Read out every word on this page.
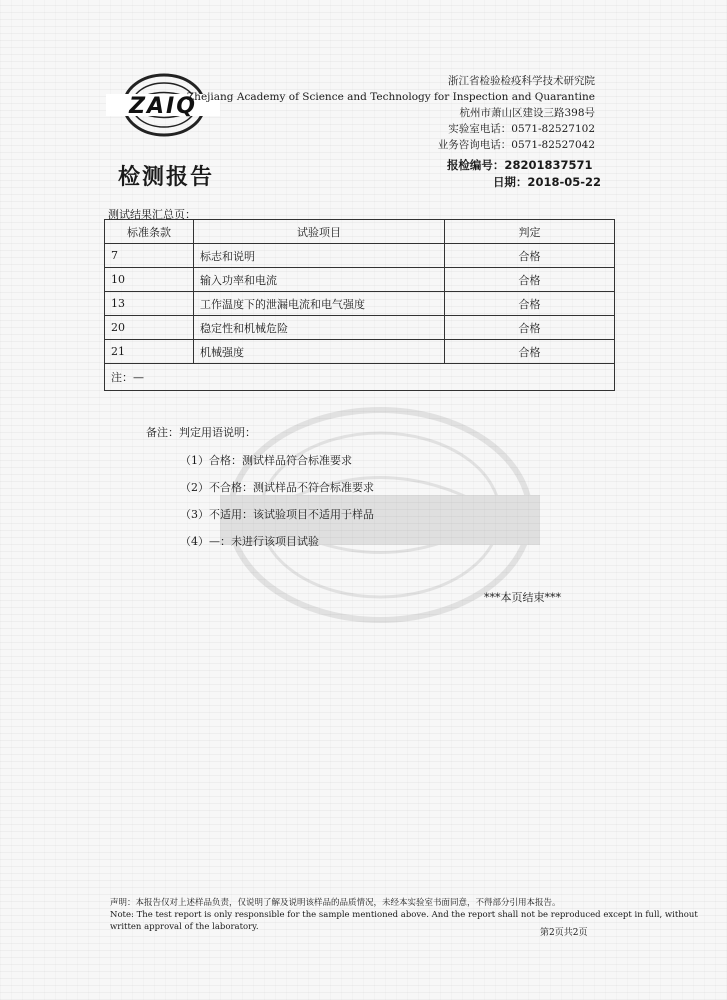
ZAIQ
浙江省检验检疫科学技术研究院
Zhejiang Academy of Science and Technology for Inspection and Quarantine
杭州市萧山区建设三路398号
实验室电话：0571-82527102
业务咨询电话：0571-82527042
检测报告	报检编号：28201837571
日期：2018-05-22
测试结果汇总页：
标准条款	试验项目	判定
7	标志和说明	合格
10	输入功率和电流	合格
13	工作温度下的泄漏电流和电气强度	合格
20	稳定性和机械危险	合格
21	机械强度	合格
注：—		
备注：判定用语说明：
（1）合格：测试样品符合标准要求
（2）不合格：测试样品不符合标准要求
（3）不适用：该试验项目不适用于样品
（4）—：未进行该项目试验
***本页结束***
声明：本报告仅对上述样品负责，仅说明了解及说明该样品的品质情况，未经本实验室书面同意，不得部分引用本报告。
Note: The test report is only responsible for the sample mentioned above. And the report shall not be reproduced except in full, without
written approval of the laboratory.
第2页共2页
